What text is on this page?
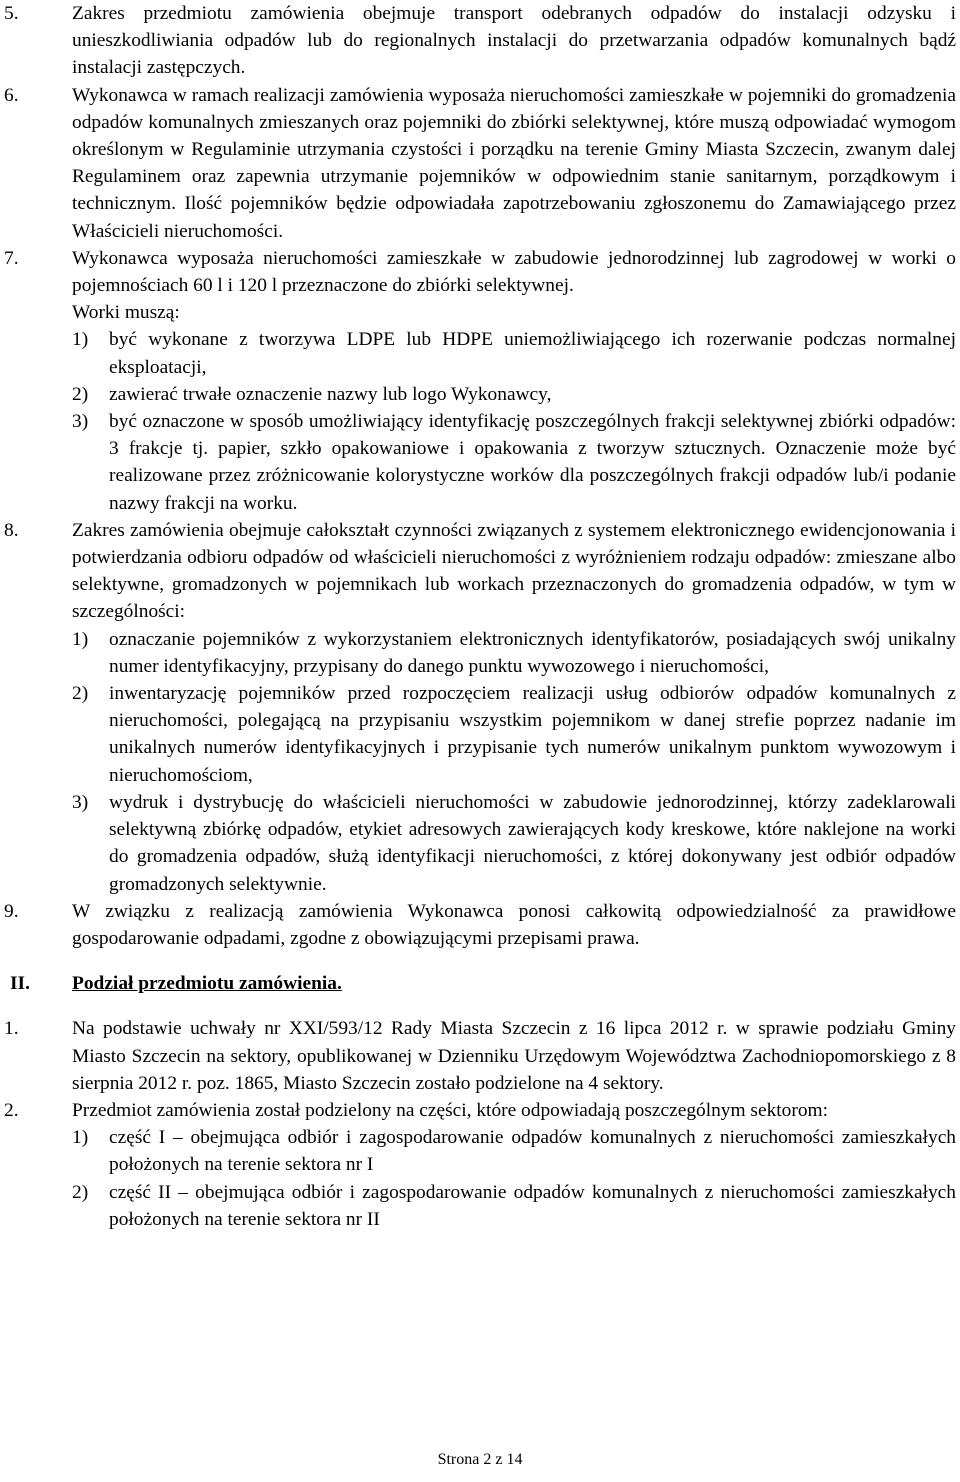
5.	Zakres przedmiotu zamówienia obejmuje transport odebranych odpadów do instalacji odzysku i unieszkodliwiania odpadów lub do regionalnych instalacji do przetwarzania odpadów komunalnych bądź instalacji zastępczych.
6.	Wykonawca w ramach realizacji zamówienia wyposaża nieruchomości zamieszkałe w pojemniki do gromadzenia odpadów komunalnych zmieszanych oraz pojemniki do zbiórki selektywnej, które muszą odpowiadać wymogom określonym w Regulaminie utrzymania czystości i porządku na terenie Gminy Miasta Szczecin, zwanym dalej Regulaminem oraz zapewnia utrzymanie pojemników w odpowiednim stanie sanitarnym, porządkowym i technicznym. Ilość pojemników będzie odpowiadała zapotrzebowaniu zgłoszonemu do Zamawiającego przez Właścicieli nieruchomości.
7.	Wykonawca wyposaża nieruchomości zamieszkałe w zabudowie jednorodzinnej lub zagrodowej w worki o pojemnościach 60 l i 120 l przeznaczone do zbiórki selektywnej.
Worki muszą:
1) być wykonane z tworzywa LDPE lub HDPE uniemożliwiającego ich rozerwanie podczas normalnej eksploatacji,
2) zawierać trwałe oznaczenie nazwy lub logo Wykonawcy,
3) być oznaczone w sposób umożliwiający identyfikację poszczególnych frakcji selektywnej zbiórki odpadów: 3 frakcje tj. papier, szkło opakowaniowe i opakowania z tworzyw sztucznych. Oznaczenie może być realizowane przez zróżnicowanie kolorystyczne worków dla poszczególnych frakcji odpadów lub/i podanie nazwy frakcji na worku.
8.	Zakres zamówienia obejmuje całokształt czynności związanych z systemem elektronicznego ewidencjonowania i potwierdzania odbioru odpadów od właścicieli nieruchomości z wyróżnieniem rodzaju odpadów: zmieszane albo selektywne, gromadzonych w pojemnikach lub workach przeznaczonych do gromadzenia odpadów, w tym w szczególności:
1) oznaczanie pojemników z wykorzystaniem elektronicznych identyfikatorów, posiadających swój unikalny numer identyfikacyjny, przypisany do danego punktu wywozowego i nieruchomości,
2) inwentaryzację pojemników przed rozpoczęciem realizacji usług odbiorów odpadów komunalnych z nieruchomości, polegającą na przypisaniu wszystkim pojemnikom w danej strefie poprzez nadanie im unikalnych numerów identyfikacyjnych i przypisanie tych numerów unikalnym punktom wywozowym i nieruchomościom,
3) wydruk i dystrybucję do właścicieli nieruchomości w zabudowie jednorodzinnej, którzy zadeklarowali selektywną zbiórkę odpadów, etykiet adresowych zawierających kody kreskowe, które naklejone na worki do gromadzenia odpadów, służą identyfikacji nieruchomości, z której dokonywany jest odbiór odpadów gromadzonych selektywnie.
9.	W związku z realizacją zamówienia Wykonawca ponosi całkowitą odpowiedzialność za prawidłowe gospodarowanie odpadami, zgodne z obowiązującymi przepisami prawa.
II. Podział przedmiotu zamówienia.
1.	Na podstawie uchwały nr XXI/593/12 Rady Miasta Szczecin z 16 lipca 2012 r. w sprawie podziału Gminy Miasto Szczecin na sektory, opublikowanej w Dzienniku Urzędowym Województwa Zachodniopomorskiego z 8 sierpnia 2012 r. poz. 1865, Miasto Szczecin zostało podzielone na 4 sektory.
2.	Przedmiot zamówienia został podzielony na części, które odpowiadają poszczególnym sektorom:
1) część I – obejmująca odbiór i zagospodarowanie odpadów komunalnych z nieruchomości zamieszkałych położonych na terenie sektora nr I
2) część II – obejmująca odbiór i zagospodarowanie odpadów komunalnych z nieruchomości zamieszkałych położonych na terenie sektora nr II
Strona 2 z 14
